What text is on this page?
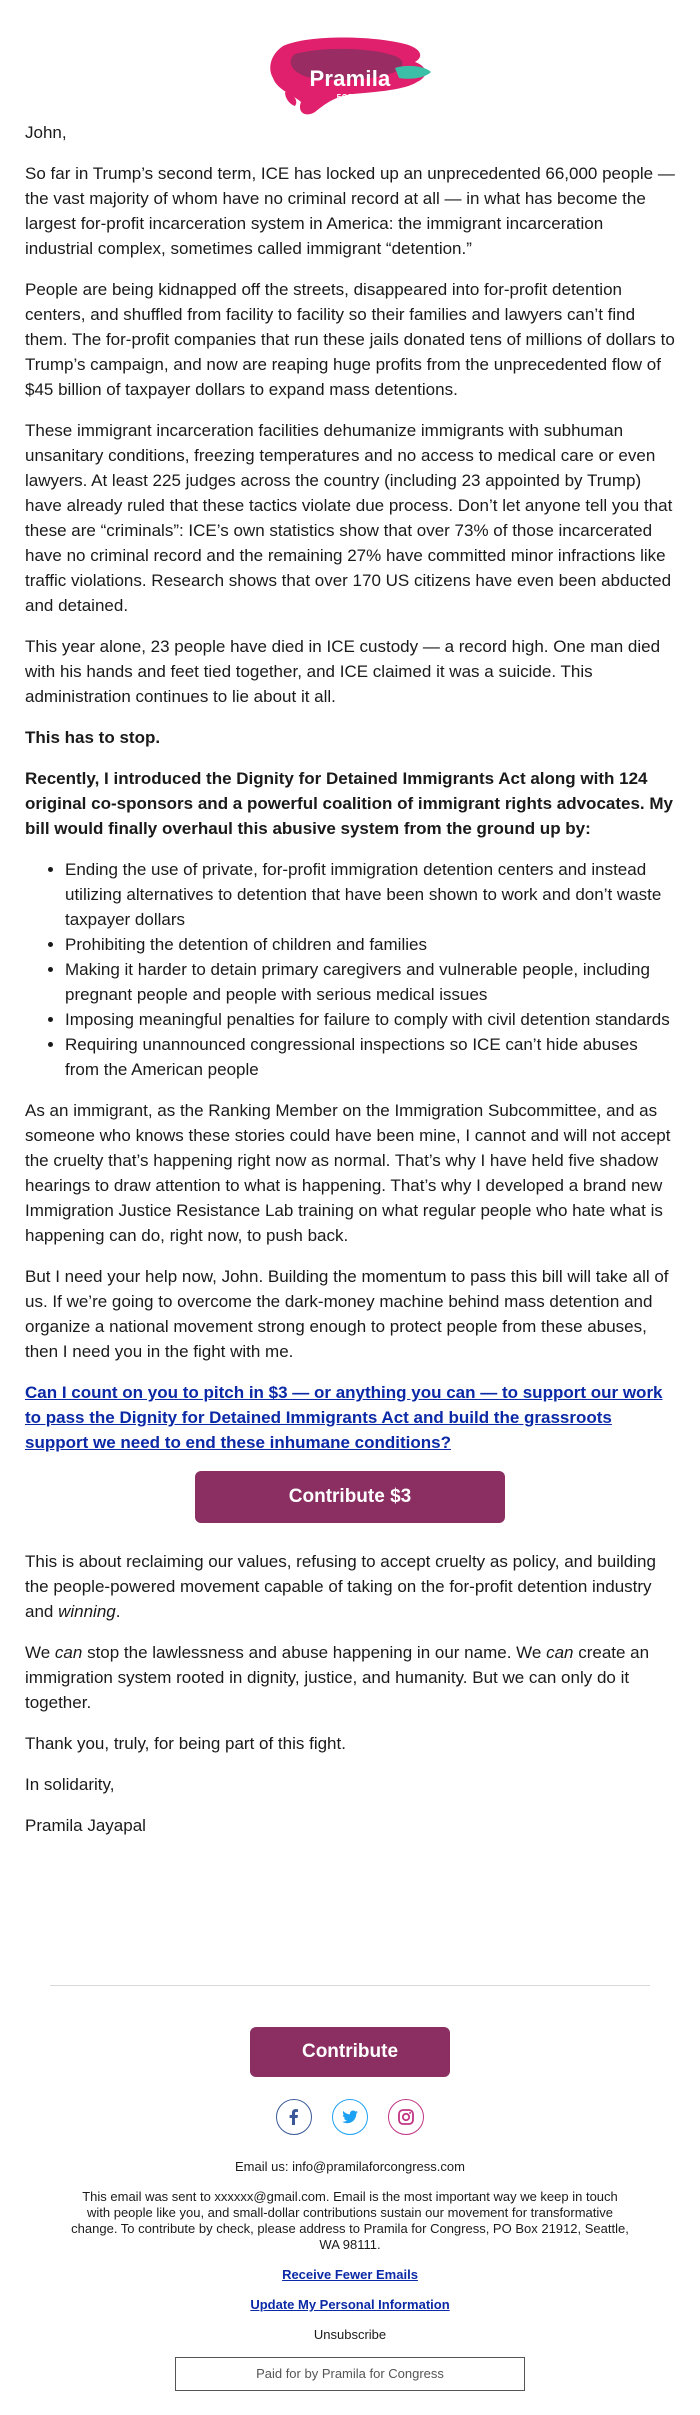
Pramila
FOR CONGRESS

John,

So far in Trump’s second term, ICE has locked up an unprecedented 66,000 people — the vast majority of whom have no criminal record at all — in what has become the largest for-profit incarceration system in America: the immigrant incarceration industrial complex, sometimes called immigrant “detention.”

People are being kidnapped off the streets, disappeared into for-profit detention centers, and shuffled from facility to facility so their families and lawyers can’t find them. The for-profit companies that run these jails donated tens of millions of dollars to Trump’s campaign, and now are reaping huge profits from the unprecedented flow of $45 billion of taxpayer dollars to expand mass detentions.

These immigrant incarceration facilities dehumanize immigrants with subhuman unsanitary conditions, freezing temperatures and no access to medical care or even lawyers. At least 225 judges across the country (including 23 appointed by Trump) have already ruled that these tactics violate due process. Don’t let anyone tell you that these are “criminals”: ICE’s own statistics show that over 73% of those incarcerated have no criminal record and the remaining 27% have committed minor infractions like traffic violations. Research shows that over 170 US citizens have even been abducted and detained.

This year alone, 23 people have died in ICE custody — a record high. One man died with his hands and feet tied together, and ICE claimed it was a suicide. This administration continues to lie about it all.

This has to stop.

Recently, I introduced the Dignity for Detained Immigrants Act along with 124 original co-sponsors and a powerful coalition of immigrant rights advocates. My bill would finally overhaul this abusive system from the ground up by:

• Ending the use of private, for-profit immigration detention centers and instead utilizing alternatives to detention that have been shown to work and don’t waste taxpayer dollars
• Prohibiting the detention of children and families
• Making it harder to detain primary caregivers and vulnerable people, including pregnant people and people with serious medical issues
• Imposing meaningful penalties for failure to comply with civil detention standards
• Requiring unannounced congressional inspections so ICE can’t hide abuses from the American people

As an immigrant, as the Ranking Member on the Immigration Subcommittee, and as someone who knows these stories could have been mine, I cannot and will not accept the cruelty that’s happening right now as normal. That’s why I have held five shadow hearings to draw attention to what is happening. That’s why I developed a brand new Immigration Justice Resistance Lab training on what regular people who hate what is happening can do, right now, to push back.

But I need your help now, John. Building the momentum to pass this bill will take all of us. If we’re going to overcome the dark-money machine behind mass detention and organize a national movement strong enough to protect people from these abuses, then I need you in the fight with me.

Can I count on you to pitch in $3 — or anything you can — to support our work to pass the Dignity for Detained Immigrants Act and build the grassroots support we need to end these inhumane conditions?

Contribute $3

This is about reclaiming our values, refusing to accept cruelty as policy, and building the people-powered movement capable of taking on the for-profit detention industry and winning.

We can stop the lawlessness and abuse happening in our name. We can create an immigration system rooted in dignity, justice, and humanity. But we can only do it together.

Thank you, truly, for being part of this fight.

In solidarity,

Pramila Jayapal

Contribute

Email us: info@pramilaforcongress.com
This email was sent to xxxxxx@gmail.com. Email is the most important way we keep in touch with people like you, and small-dollar contributions sustain our movement for transformative change. To contribute by check, please address to Pramila for Congress, PO Box 21912, Seattle, WA 98111.
Receive Fewer Emails
Update My Personal Information
Unsubscribe
Paid for by Pramila for Congress
